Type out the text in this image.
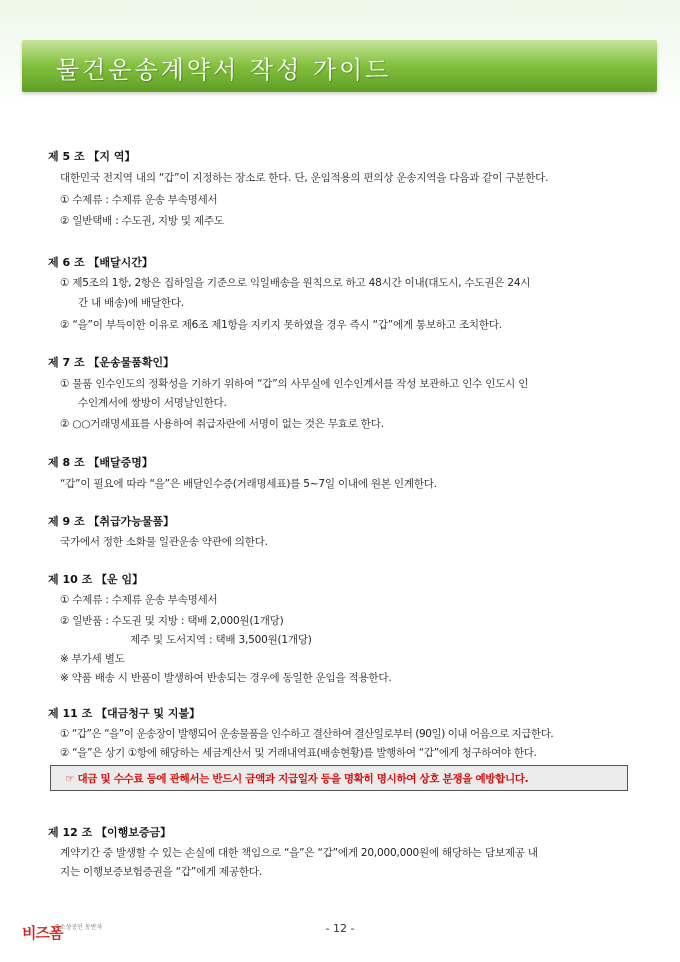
물건운송계약서 작성 가이드
제 5 조 【지 역】
대한민국 전지역 내의 “갑”이 지정하는 장소로 한다. 단, 운임적용의 편의상 운송지역을 다음과 같이 구분한다.
① 수제류 : 수제류 운송 부속명세서
② 일반택배 : 수도권, 지방 및 제주도
제 6 조 【배달시간】
① 제5조의 1항, 2항은 집하일을 기준으로 익일배송을 원칙으로 하고 48시간 이내(대도시, 수도권은 24시
간 내 배송)에 배달한다.
② “을”이 부득이한 이유로 제6조 제1항을 지키지 못하였을 경우 즉시 “갑”에게 통보하고 조치한다.
제 7 조 【운송물품확인】
① 물품 인수인도의 정확성을 기하기 위하여 “갑”의 사무실에 인수인계서를 작성 보관하고 인수 인도시 인
수인계서에 쌍방이 서명날인한다.
② ○○거래명세표를 사용하여 취급자란에 서명이 없는 것은 무효로 한다.
제 8 조 【배달증명】
“갑”이 필요에 따라 “을”은 배달인수증(거래명세표)를 5~7일 이내에 원본 인계한다.
제 9 조 【취급가능물품】
국가에서 정한 소화물 일관운송 약관에 의한다.
제 10 조 【운 임】
① 수제류 : 수제류 운송 부속명세서
② 일반품 : 수도권 및 지방 : 택배 2,000원(1개당)
제주 및 도서지역 : 택배 3,500원(1개당)
※ 부가세 별도
※ 약품 배송 시 반품이 발생하여 반송되는 경우에 동일한 운임을 적용한다.
제 11 조 【대금청구 및 지불】
① “갑”은 “을”이 운송장이 발행되어 운송물품을 인수하고 결산하여 결산일로부터 (90일) 이내 어음으로 지급한다.
② “을”은 상기 ①항에 해당하는 세금계산서 및 거래내역표(배송현황)를 발행하여 “갑”에게 청구하여야 한다.
☞ 대금 및 수수료 등에 관해서는 반드시 금액과 지급일자 등을 명확히 명시하여 상호 분쟁을 예방합니다.
제 12 조 【이행보증금】
계약기간 중 발생할 수 있는 손실에 대한 책임으로 “을”은 “갑”에게 20,000,000원에 해당하는 담보제공 내
지는 이행보증보험증권을 “갑”에게 제공한다.
비즈폼
중소상공인 동반자	- 12 -
